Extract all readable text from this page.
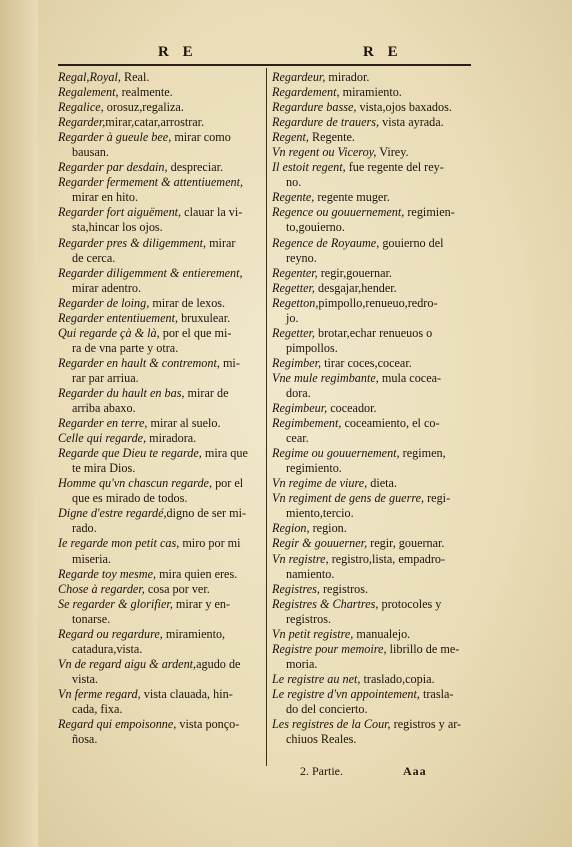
R E	R E
Regal,Royal, Real.
Regalement, realmente.
Regalice, orosuz,regaliza.
Regarder,mirar,catar,arrostrar.
Regarder à gueule bee, mirar como
bausan.
Regarder par desdain, despreciar.
Regarder fermement & attentiuement,
mirar en hito.
Regarder fort aiguëment, clauar la vi-
sta,hincar los ojos.
Regarder pres & diligemment, mirar
de cerca.
Regarder diligemment & entierement,
mirar adentro.
Regarder de loing, mirar de lexos.
Regarder ententiuement, bruxulear.
Qui regarde çà & là, por el que mi-
ra de vna parte y otra.
Regarder en hault & contremont, mi-
rar par arriua.
Regarder du hault en bas, mirar de
arriba abaxo.
Regarder en terre, mirar al suelo.
Celle qui regarde, miradora.
Regarde que Dieu te regarde, mira que
te mira Dios.
Homme qu'vn chascun regarde, por el
que es mirado de todos.
Digne d'estre regardé,digno de ser mi-
rado.
Ie regarde mon petit cas, miro por mi
miseria.
Regarde toy mesme, mira quien eres.
Chose à regarder, cosa por ver.
Se regarder & glorifier, mirar y en-
tonarse.
Regard ou regardure, miramiento,
catadura,vista.
Vn de regard aigu & ardent,agudo de
vista.
Vn ferme regard, vista clauada, hin-
cada, fixa.
Regard qui empoisonne, vista ponço-
ñosa.
Regardeur, mirador.
Regardement, miramiento.
Regardure basse, vista,ojos baxados.
Regardure de trauers, vista ayrada.
Regent, Regente.
Vn regent ou Viceroy, Virey.
Il estoit regent, fue regente del rey-
no.
Regente, regente muger.
Regence ou gouuernement, regimien-
to,gouierno.
Regence de Royaume, gouierno del
reyno.
Regenter, regir,gouernar.
Regetter, desgajar,hender.
Regetton,pimpollo,renueuo,redro-
jo.
Regetter, brotar,echar renueuos o
pimpollos.
Regimber, tirar coces,cocear.
Vne mule regimbante, mula coceа-
dora.
Regimbeur, coceador.
Regimbement, coceamiento, el co-
cear.
Regime ou gouuernement, regimen,
regimiento.
Vn regime de viure, dieta.
Vn regiment de gens de guerre, regi-
miento,tercio.
Region, region.
Regir & gouuerner, regir, gouernar.
Vn registre, registro,lista, empadro-
namiento.
Registres, registros.
Registres & Chartres, protocoles y
registros.
Vn petit registre, manualejo.
Registre pour memoire, librillo de me-
moria.
Le registre au net, traslado,copia.
Le registre d'vn appointement, trasla-
do del concierto.
Les registres de la Cour, registros y ar-
chiuos Reales.
2. Partie.	Aaa
